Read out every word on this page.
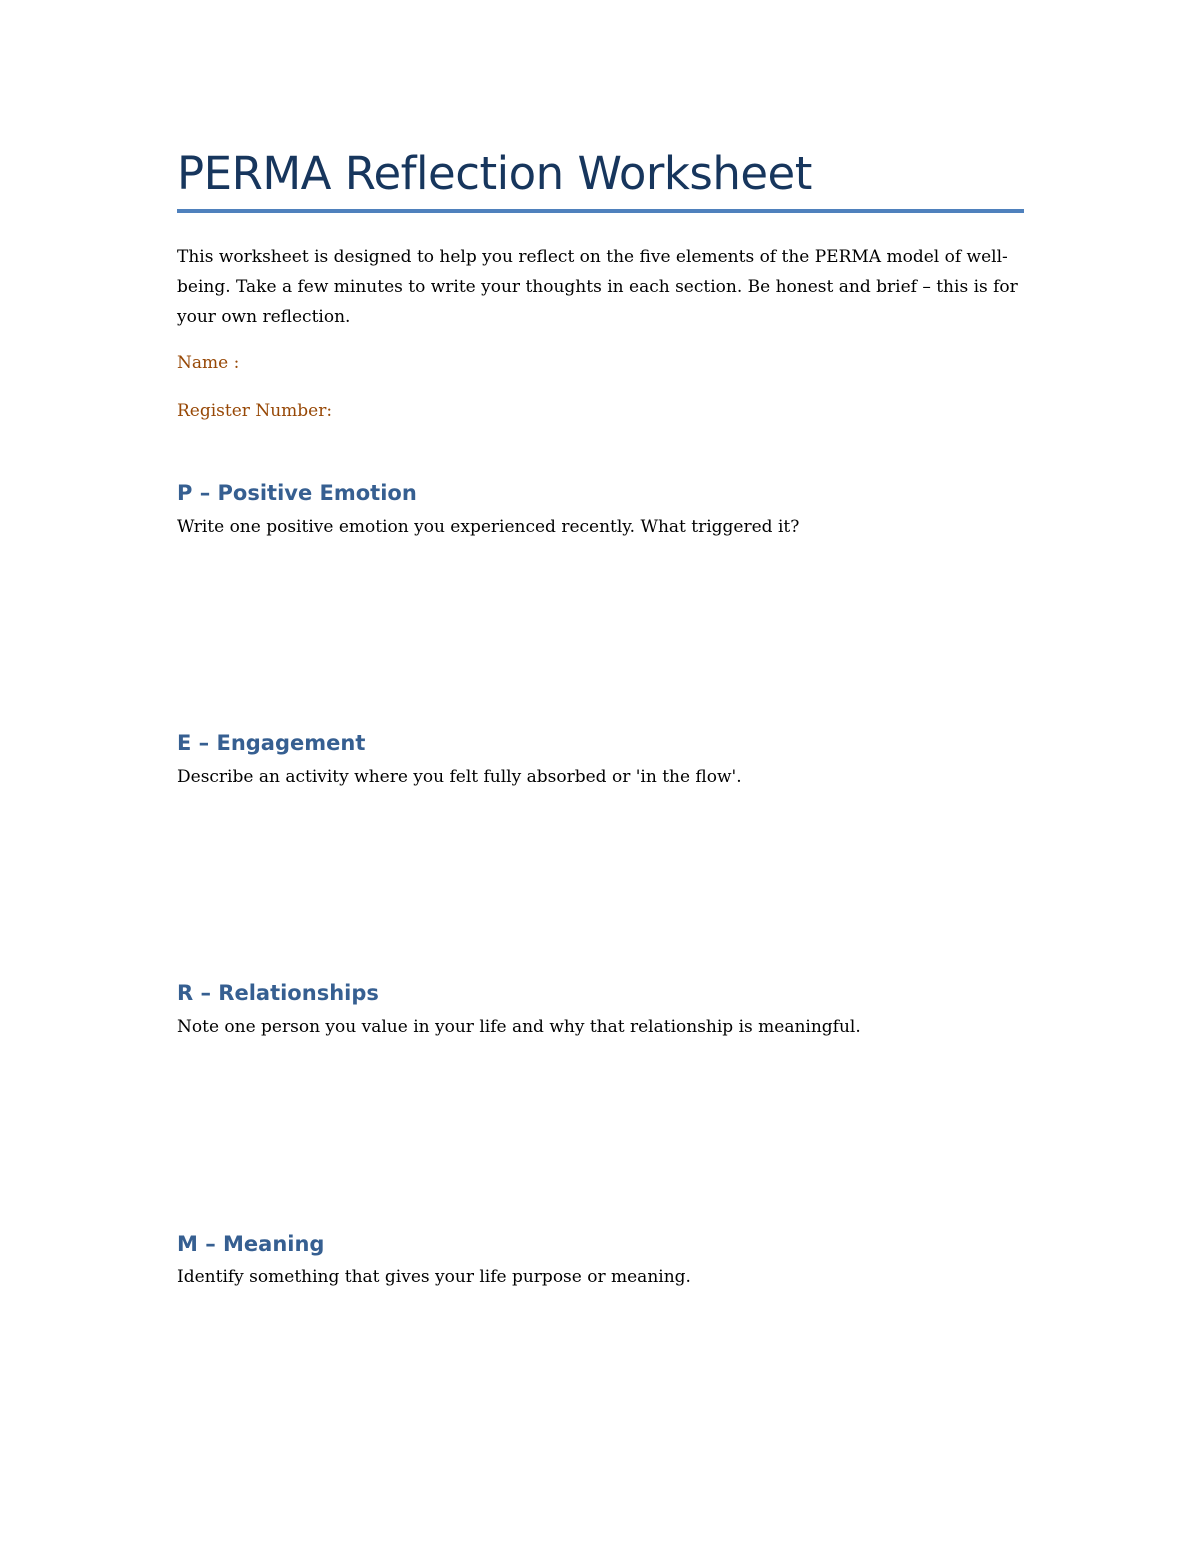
PERMA Reflection Worksheet
This worksheet is designed to help you reflect on the five elements of the PERMA model of well-being. Take a few minutes to write your thoughts in each section. Be honest and brief – this is for your own reflection.
Name :
Register Number:
P – Positive Emotion
Write one positive emotion you experienced recently. What triggered it?
E – Engagement
Describe an activity where you felt fully absorbed or 'in the flow'.
R – Relationships
Note one person you value in your life and why that relationship is meaningful.
M – Meaning
Identify something that gives your life purpose or meaning.
